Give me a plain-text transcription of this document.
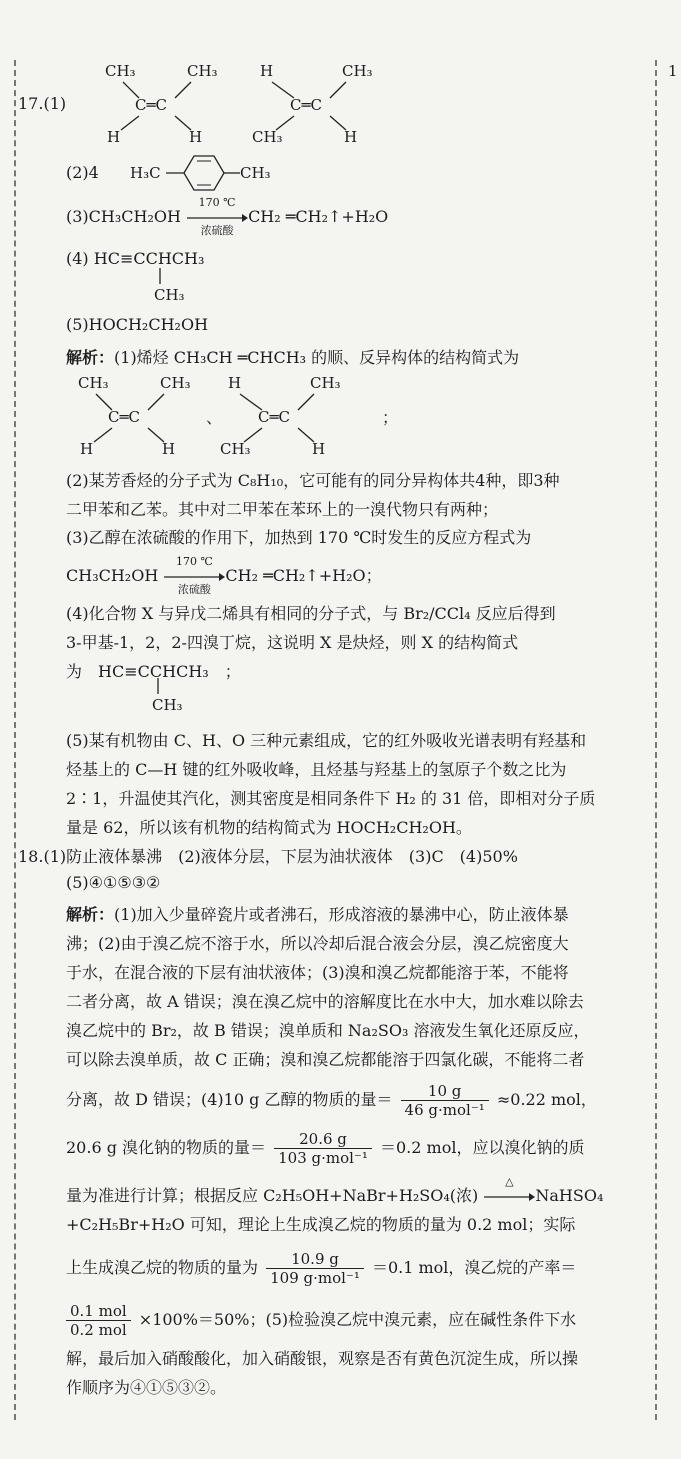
1
17.(1)
CH₃	CH₃
C═C
H	H
H	CH₃
C═C
CH₃	H
(2)4 H₃C	CH₃
(3)CH₃CH₂OH
170 ℃
浓硫酸
CH₂ ═CH₂↑+H₂O
(4) HC≡CCHCH₃
CH₃
(5)HOCH₂CH₂OH
解析：(1)烯烃 CH₃CH ═CHCH₃ 的顺、反异构体的结构简式为
CH₃	CH₃
C═C
H	H
、
H	CH₃
C═C
CH₃	H
；
(2)某芳香烃的分子式为 C₈H₁₀，它可能有的同分异构体共4种，即3种
二甲苯和乙苯。其中对二甲苯在苯环上的一溴代物只有两种；
(3)乙醇在浓硫酸的作用下，加热到 170 ℃时发生的反应方程式为
CH₃CH₂OH
170 ℃
浓硫酸
CH₂ ═CH₂↑+H₂O；
(4)化合物 X 与异戊二烯具有相同的分子式，与 Br₂/CCl₄ 反应后得到
3-甲基-1，2，2-四溴丁烷，这说明 X 是炔烃，则 X 的结构简式
为　 HC≡CCHCH₃　 ；
CH₃
(5)某有机物由 C、H、O 三种元素组成，它的红外吸收光谱表明有羟基和
烃基上的 C—H 键的红外吸收峰，且烃基与羟基上的氢原子个数之比为
2∶1，升温使其汽化，测其密度是相同条件下 H₂ 的 31 倍，即相对分子质
量是 62，所以该有机物的结构简式为 HOCH₂CH₂OH。
18.(1)防止液体暴沸　(2)液体分层，下层为油状液体　(3)C　(4)50%
(5)④①⑤③②
解析：(1)加入少量碎瓷片或者沸石，形成溶液的暴沸中心，防止液体暴
沸；(2)由于溴乙烷不溶于水，所以冷却后混合液会分层，溴乙烷密度大
于水，在混合液的下层有油状液体；(3)溴和溴乙烷都能溶于苯，不能将
二者分离，故 A 错误；溴在溴乙烷中的溶解度比在水中大，加水难以除去
溴乙烷中的 Br₂，故 B 错误；溴单质和 Na₂SO₃ 溶液发生氧化还原反应，
可以除去溴单质，故 C 正确；溴和溴乙烷都能溶于四氯化碳，不能将二者
分离，故 D 错误；(4)10 g 乙醇的物质的量＝ $\frac{10 g}{\text{46 g·mol⁻¹}} \approx 0.22$ mol，
20.6 g 溴化钠的物质的量＝ $\frac{20.6 g}{\text{103 g·mol⁻¹}} =0.2$ mol，应以溴化钠的质
量为准进行计算；根据反应 C₂H₅OH+NaBr+H₂SO₄(浓)
△
NaHSO₄
+C₂H₅Br+H₂O 可知，理论上生成溴乙烷的物质的量为 0.2 mol；实际
上生成溴乙烷的物质的量为 $\frac{10.9 g}{\text{109 g·mol⁻¹}} =0.1$ mol，溴乙烷的产率＝
$\frac{\text{0.1 mol}}{\text{0.2 mol}} \times 100\%=50\%$；(5)检验溴乙烷中溴元素，应在碱性条件下水
解，最后加入硝酸酸化，加入硝酸银，观察是否有黄色沉淀生成，所以操
作顺序为④①⑤③②。
